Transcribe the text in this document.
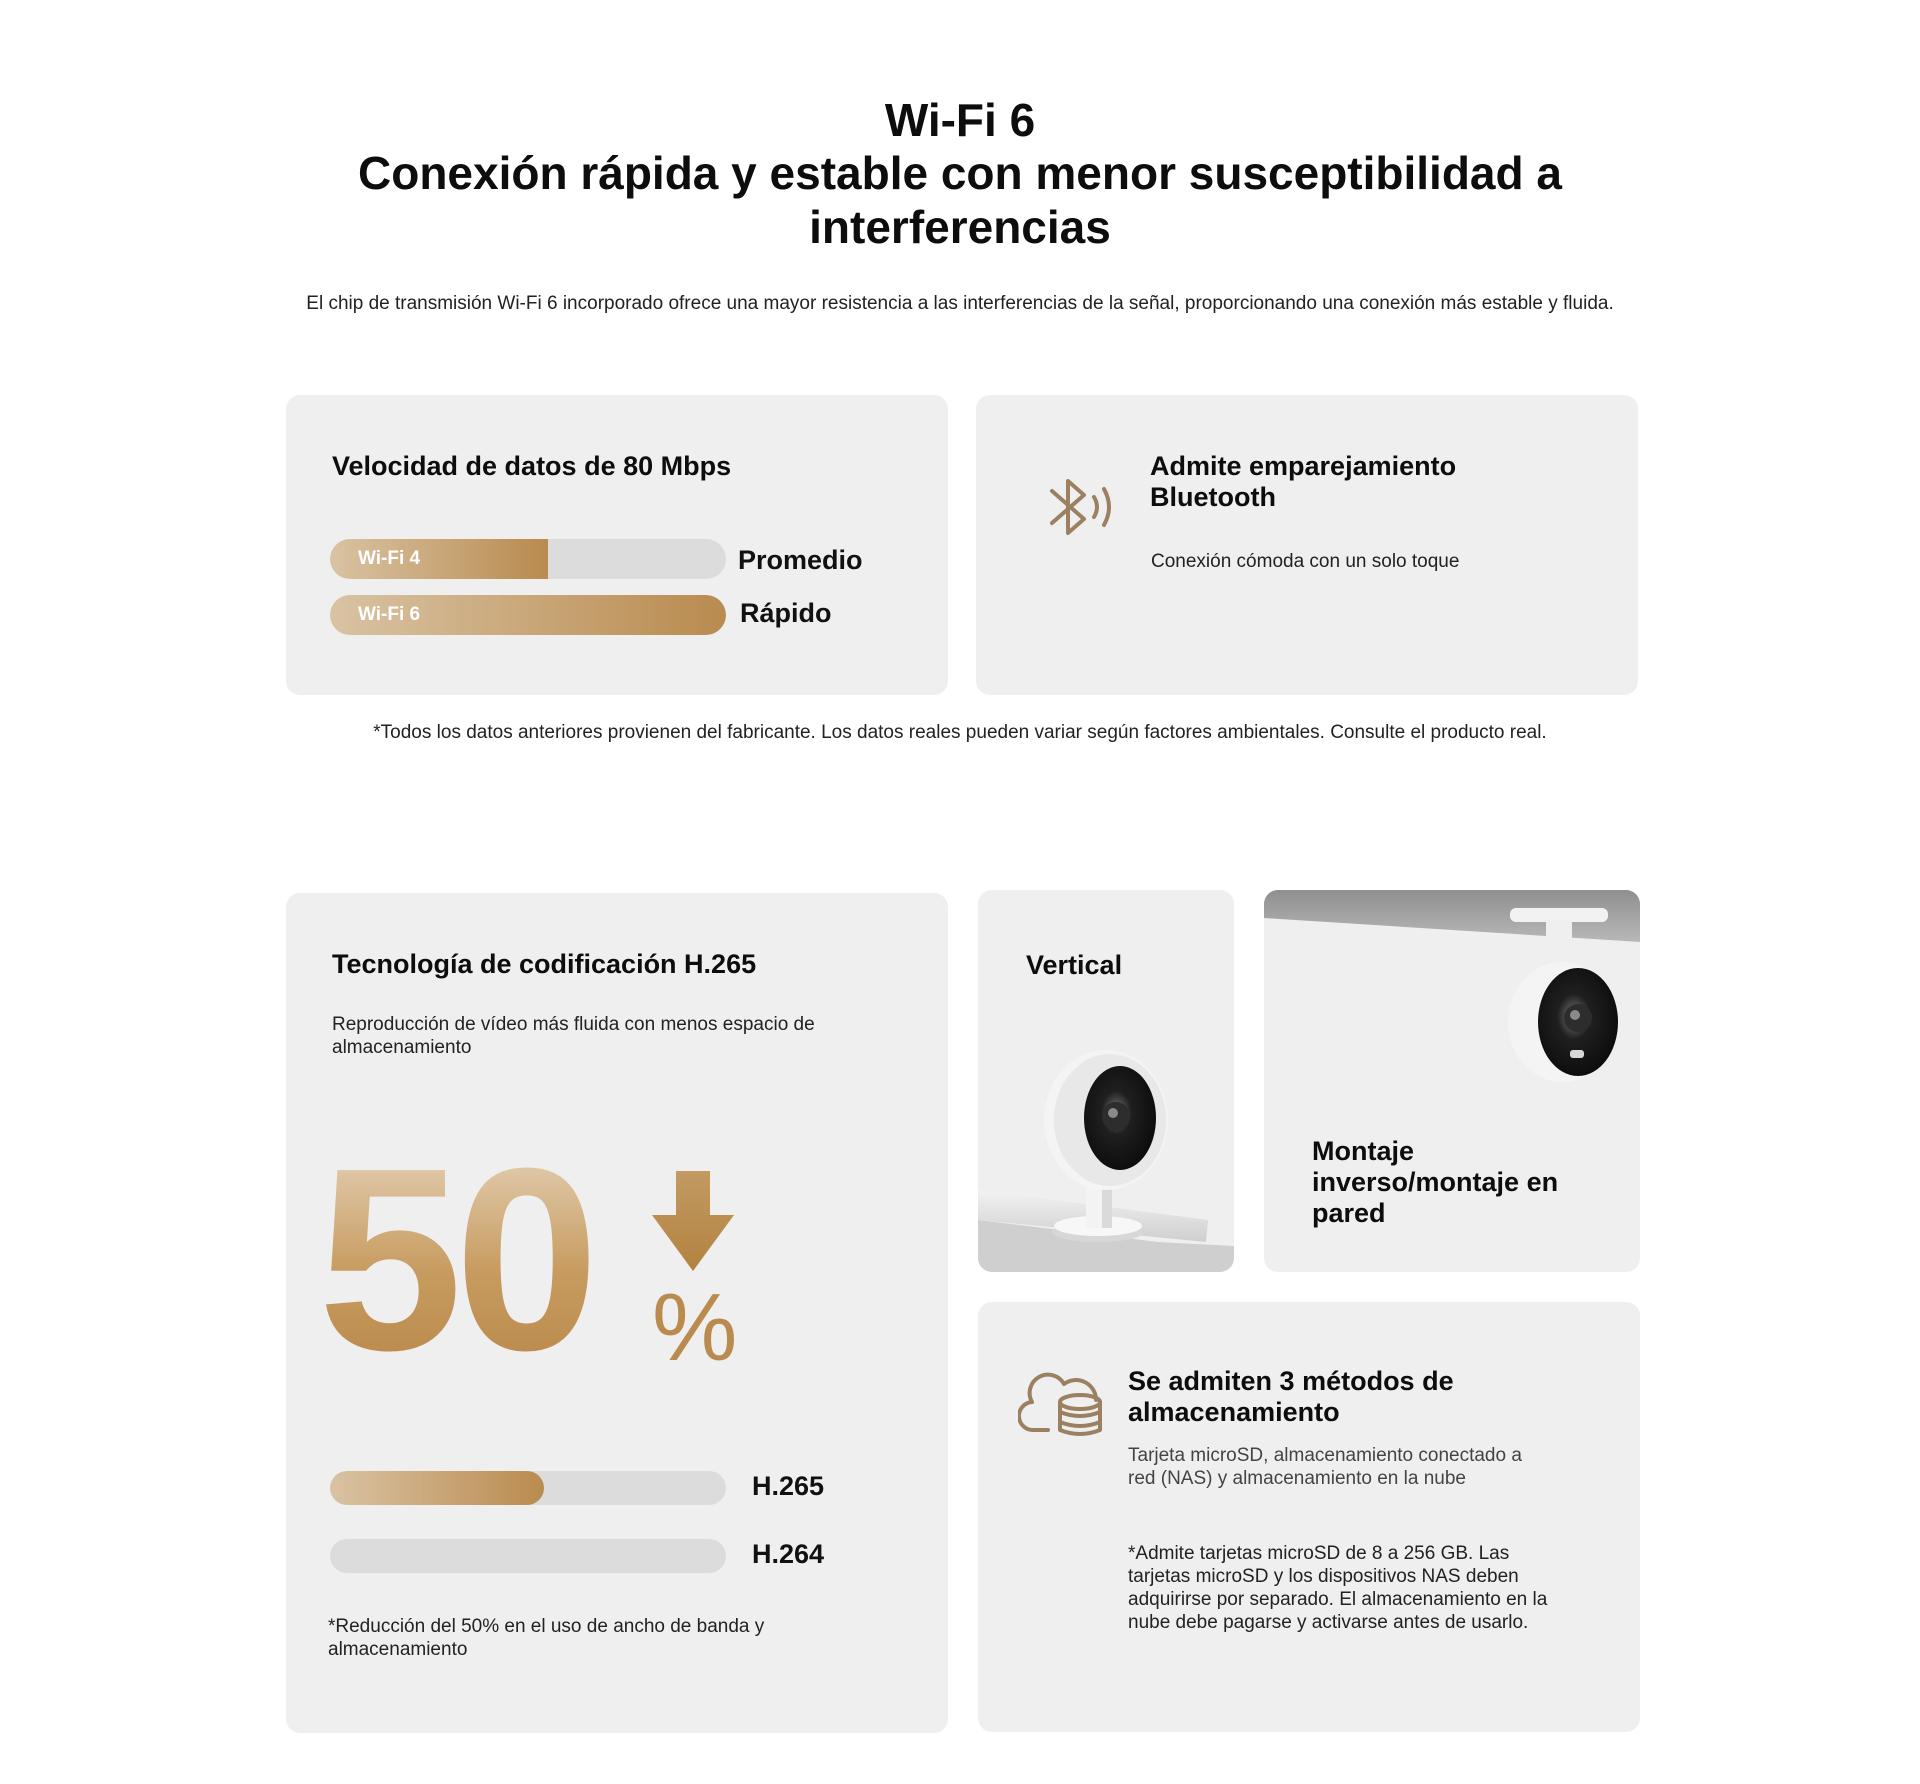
Wi-Fi 6
Conexión rápida y estable con menor susceptibilidad a interferencias
El chip de transmisión Wi-Fi 6 incorporado ofrece una mayor resistencia a las interferencias de la señal, proporcionando una conexión más estable y fluida.
Velocidad de datos de 80 Mbps
Wi-Fi 4	Promedio
Wi-Fi 6	Rápido
Admite emparejamiento Bluetooth
Conexión cómoda con un solo toque
*Todos los datos anteriores provienen del fabricante. Los datos reales pueden variar según factores ambientales. Consulte el producto real.
Tecnología de codificación H.265
Reproducción de vídeo más fluida con menos espacio de almacenamiento
H.265
H.264
*Reducción del 50% en el uso de ancho de banda y almacenamiento
50 %
Vertical
Montaje inverso/montaje en pared
Se admiten 3 métodos de almacenamiento
Tarjeta microSD, almacenamiento conectado a red (NAS) y almacenamiento en la nube
*Admite tarjetas microSD de 8 a 256 GB. Las tarjetas microSD y los dispositivos NAS deben adquirirse por separado. El almacenamiento en la nube debe pagarse y activarse antes de usarlo.
